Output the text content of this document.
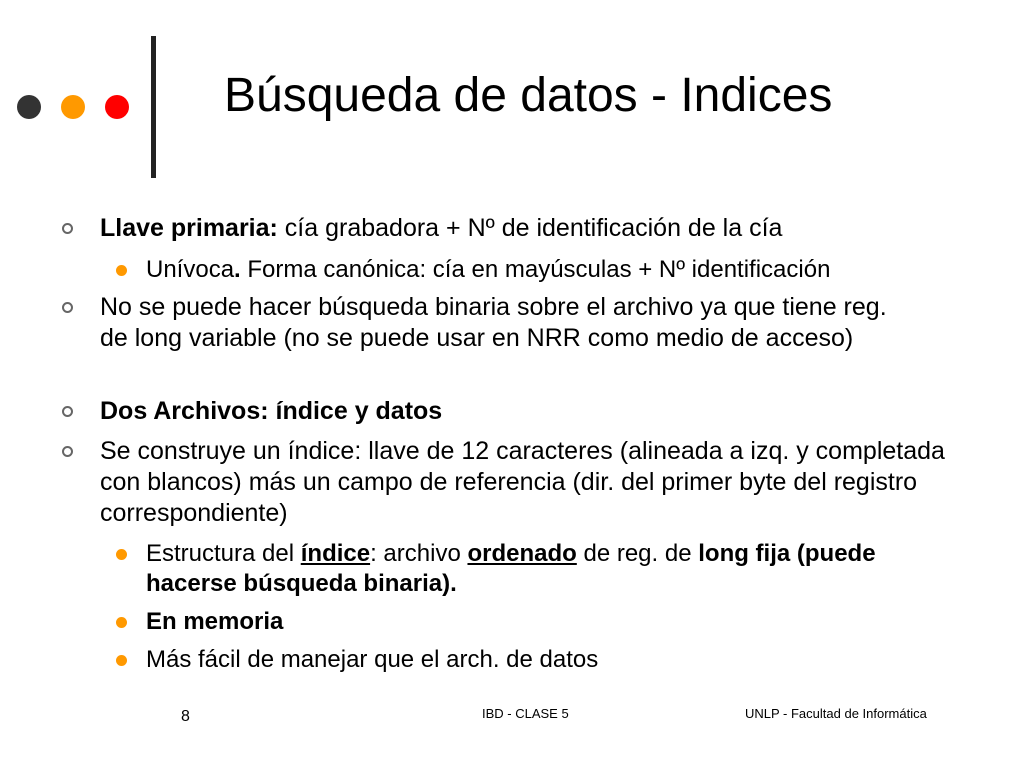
Búsqueda de datos - Indices
Llave primaria: cía grabadora + Nº de identificación de la cía
Unívoca. Forma canónica: cía en mayúsculas + Nº identificación
No se puede hacer búsqueda binaria sobre el archivo ya que tiene reg. de long variable (no se puede usar en NRR como medio de acceso)
Dos Archivos: índice y datos
Se construye un índice: llave de 12 caracteres (alineada a izq. y completada con blancos) más un campo de referencia (dir. del primer byte del registro correspondiente)
Estructura del índice: archivo ordenado de reg. de long fija (puede hacerse búsqueda binaria).
En memoria
Más fácil de manejar que el arch. de datos
8	IBD - CLASE 5	UNLP - Facultad de Informática
